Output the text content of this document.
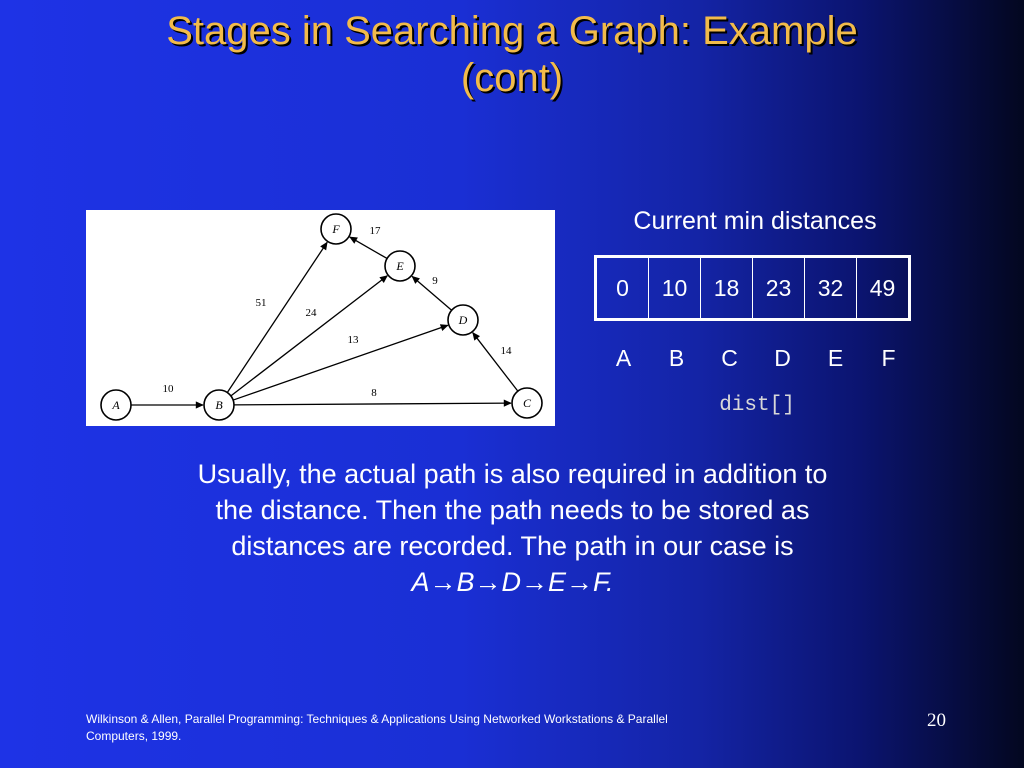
Stages in Searching a Graph: Example
(cont)
10
51
24
13
8
14
9
17
A	B	C
D
E
F	Current min distances
0	10	18	23	32	49
A	B	C	D	E	F
dist[]
Usually, the actual path is also required in addition to
the distance. Then the path needs to be stored as
distances are recorded. The path in our case is
A→B→D→E→F.
Wilkinson & Allen, Parallel Programming: Techniques & Applications Using Networked Workstations & Parallel
Computers, 1999.
20
